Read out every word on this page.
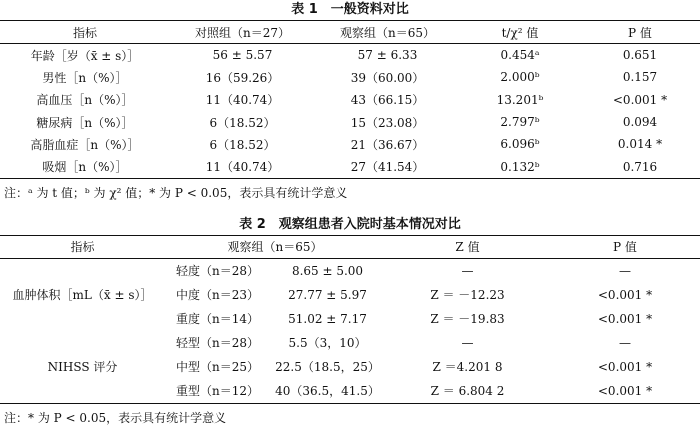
表 1　一般资料对比
指标	对照组（n＝27）	观察组（n＝65）	t/χ² 值	P 值
年龄［岁（x̄ ± s）］	56 ± 5.57	57 ± 6.33	0.454ᵃ	0.651
男性［n（%）］	16（59.26）	39（60.00）	2.000ᵇ	0.157
高血压［n（%）］	11（40.74）	43（66.15）	13.201ᵇ	<0.001 *
糖尿病［n（%）］	6（18.52）	15（23.08）	2.797ᵇ	0.094
高脂血症［n（%）］	6（18.52）	21（36.67）	6.096ᵇ	0.014 *
吸烟［n（%）］	11（40.74）	27（41.54）	0.132ᵇ	0.716
注：ᵃ 为 t 值；ᵇ 为 χ² 值；* 为 P < 0.05，表示具有统计学意义
表 2　观察组患者入院时基本情况对比
指标	观察组（n＝65）		Z 值	P 值
血肿体积［mL（x̄ ± s）］	轻度（n＝28）	8.65 ± 5.00	—	—
	中度（n＝23）	27.77 ± 5.97	Z ＝ －12.23	<0.001 *
	重度（n＝14）	51.02 ± 7.17	Z ＝ －19.83	<0.001 *
NIHSS 评分	轻型（n＝28）	5.5（3，10）	—	—
	中型（n＝25）	22.5（18.5，25）	Z ＝4.201 8	<0.001 *
	重型（n＝12）	40（36.5，41.5）	Z ＝ 6.804 2	<0.001 *
注：* 为 P < 0.05，表示具有统计学意义
